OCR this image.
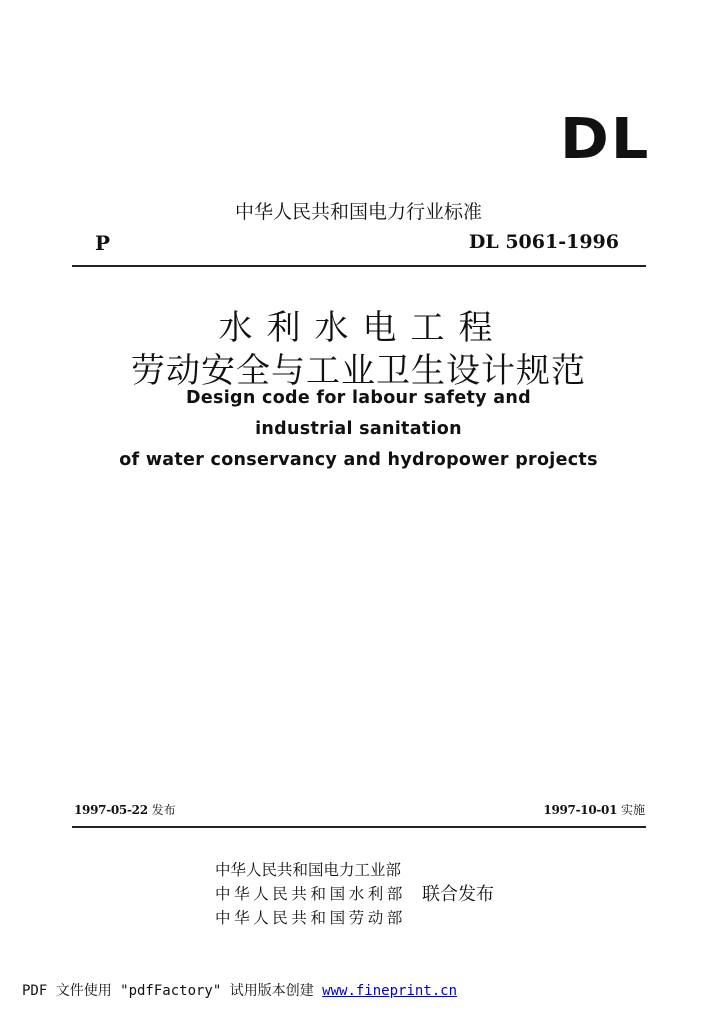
DL
中华人民共和国电力行业标准
P	DL 5061-1996
水利水电工程
劳动安全与工业卫生设计规范
Design code for labour safety and
industrial sanitation
of water conservancy and hydropower projects
1997-05-22 发布	1997-10-01 实施
中华人民共和国电力工业部
中华人民共和国水利部
中华人民共和国劳动部
联合发布
PDF 文件使用 "pdfFactory" 试用版本创建 www.fineprint.cn
